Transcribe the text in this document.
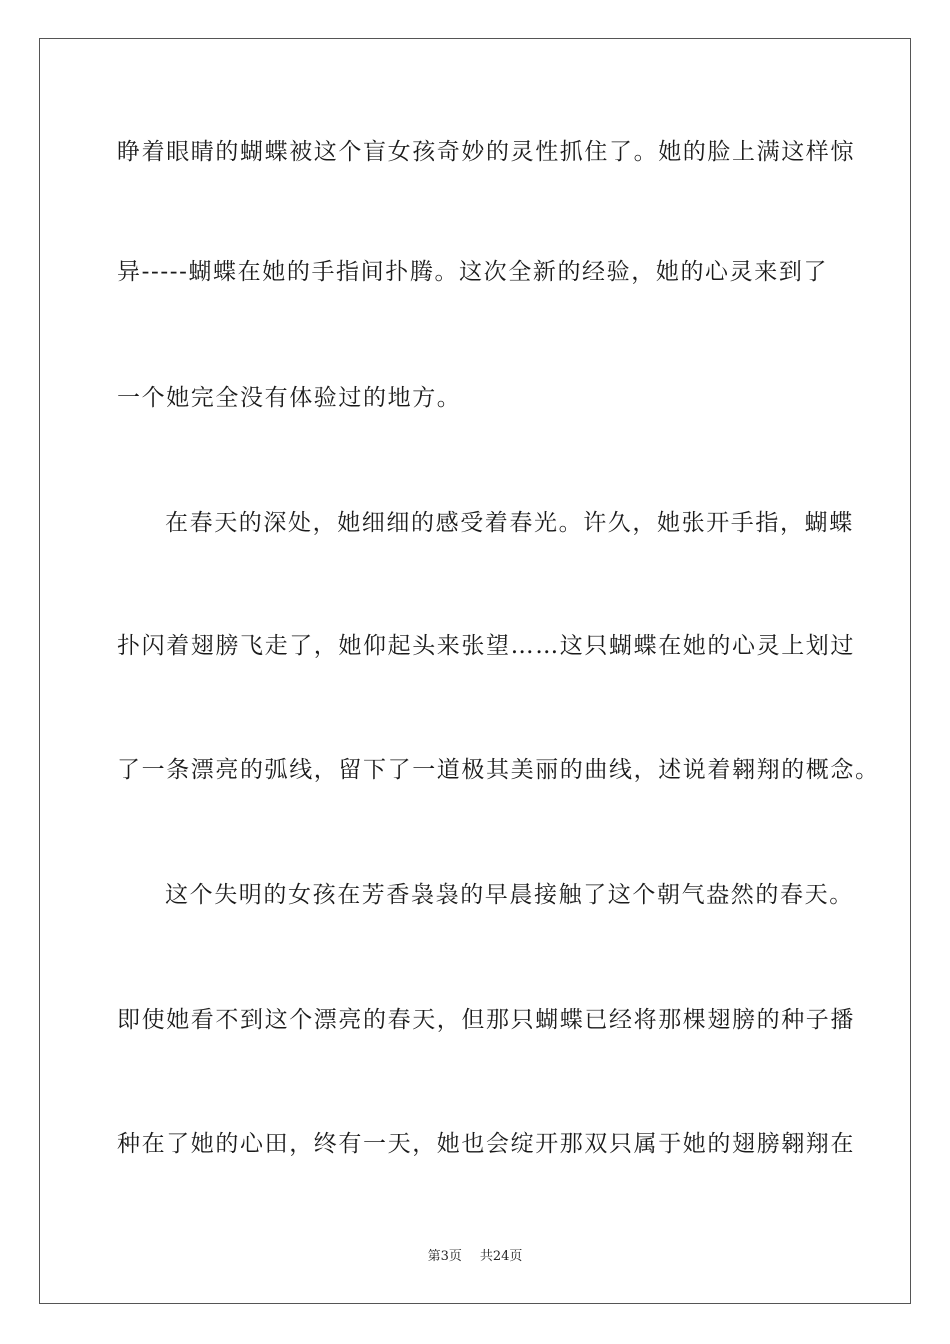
睁着眼睛的蝴蝶被这个盲女孩奇妙的灵性抓住了。她的脸上满这样惊
异-----蝴蝶在她的手指间扑腾。这次全新的经验，她的心灵来到了
一个她完全没有体验过的地方。
在春天的深处，她细细的感受着春光。许久，她张开手指，蝴蝶
扑闪着翅膀飞走了，她仰起头来张望……这只蝴蝶在她的心灵上划过
了一条漂亮的弧线，留下了一道极其美丽的曲线，述说着翱翔的概念。
这个失明的女孩在芳香袅袅的早晨接触了这个朝气盎然的春天。
即使她看不到这个漂亮的春天，但那只蝴蝶已经将那棵翅膀的种子播
种在了她的心田，终有一天，她也会绽开那双只属于她的翅膀翱翔在
第3页 共24页
